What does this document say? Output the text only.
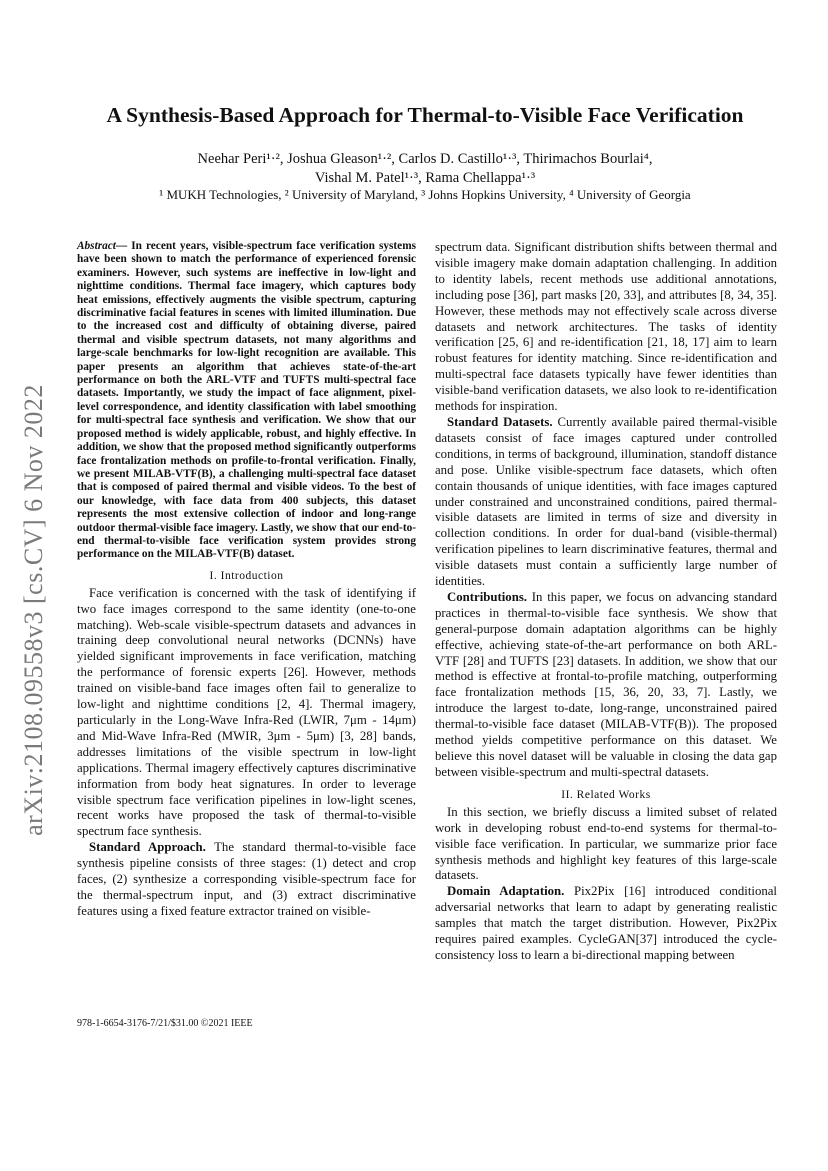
arXiv:2108.09558v3 [cs.CV] 6 Nov 2022
A Synthesis-Based Approach for Thermal-to-Visible Face Verification
Neehar Peri¹·², Joshua Gleason¹·², Carlos D. Castillo¹·³, Thirimachos Bourlai⁴,
Vishal M. Patel¹·³, Rama Chellappa¹·³
¹ MUKH Technologies, ² University of Maryland, ³ Johns Hopkins University, ⁴ University of Georgia

Abstract— In recent years, visible-spectrum face verification systems have been shown to match the performance of experienced forensic examiners. However, such systems are ineffective in low-light and nighttime conditions. Thermal face imagery, which captures body heat emissions, effectively augments the visible spectrum, capturing discriminative facial features in scenes with limited illumination. Due to the increased cost and difficulty of obtaining diverse, paired thermal and visible spectrum datasets, not many algorithms and large-scale benchmarks for low-light recognition are available. This paper presents an algorithm that achieves state-of-the-art performance on both the ARL-VTF and TUFTS multi-spectral face datasets. Importantly, we study the impact of face alignment, pixel-level correspondence, and identity classification with label smoothing for multi-spectral face synthesis and verification. We show that our proposed method is widely applicable, robust, and highly effective. In addition, we show that the proposed method significantly outperforms face frontalization methods on profile-to-frontal verification. Finally, we present MILAB-VTF(B), a challenging multi-spectral face dataset that is composed of paired thermal and visible videos. To the best of our knowledge, with face data from 400 subjects, this dataset represents the most extensive collection of indoor and long-range outdoor thermal-visible face imagery. Lastly, we show that our end-to-end thermal-to-visible face verification system provides strong performance on the MILAB-VTF(B) dataset.

I. Introduction

Face verification is concerned with the task of identifying if two face images correspond to the same identity (one-to-one matching). Web-scale visible-spectrum datasets and advances in training deep convolutional neural networks (DCNNs) have yielded significant improvements in face verification, matching the performance of forensic experts [26]. However, methods trained on visible-band face images often fail to generalize to low-light and nighttime conditions [2, 4]. Thermal imagery, particularly in the Long-Wave Infra-Red (LWIR, 7μm - 14μm) and Mid-Wave Infra-Red (MWIR, 3μm - 5μm) [3, 28] bands, addresses limitations of the visible spectrum in low-light applications. Thermal imagery effectively captures discriminative information from body heat signatures. In order to leverage visible spectrum face verification pipelines in low-light scenes, recent works have proposed the task of thermal-to-visible spectrum face synthesis.

Standard Approach. The standard thermal-to-visible face synthesis pipeline consists of three stages: (1) detect and crop faces, (2) synthesize a corresponding visible-spectrum face for the thermal-spectrum input, and (3) extract discriminative features using a fixed feature extractor trained on visible-

spectrum data. Significant distribution shifts between thermal and visible imagery make domain adaptation challenging. In addition to identity labels, recent methods use additional annotations, including pose [36], part masks [20, 33], and attributes [8, 34, 35]. However, these methods may not effectively scale across diverse datasets and network architectures. The tasks of identity verification [25, 6] and re-identification [21, 18, 17] aim to learn robust features for identity matching. Since re-identification and multi-spectral face datasets typically have fewer identities than visible-band verification datasets, we also look to re-identification methods for inspiration.

Standard Datasets. Currently available paired thermal-visible datasets consist of face images captured under controlled conditions, in terms of background, illumination, standoff distance and pose. Unlike visible-spectrum face datasets, which often contain thousands of unique identities, with face images captured under constrained and unconstrained conditions, paired thermal-visible datasets are limited in terms of size and diversity in collection conditions. In order for dual-band (visible-thermal) verification pipelines to learn discriminative features, thermal and visible datasets must contain a sufficiently large number of identities.

Contributions. In this paper, we focus on advancing standard practices in thermal-to-visible face synthesis. We show that general-purpose domain adaptation algorithms can be highly effective, achieving state-of-the-art performance on both ARL-VTF [28] and TUFTS [23] datasets. In addition, we show that our method is effective at frontal-to-profile matching, outperforming face frontalization methods [15, 36, 20, 33, 7]. Lastly, we introduce the largest to-date, long-range, unconstrained paired thermal-to-visible face dataset (MILAB-VTF(B)). The proposed method yields competitive performance on this dataset. We believe this novel dataset will be valuable in closing the data gap between visible-spectrum and multi-spectral datasets.

II. Related Works

In this section, we briefly discuss a limited subset of related work in developing robust end-to-end systems for thermal-to-visible face verification. In particular, we summarize prior face synthesis methods and highlight key features of this large-scale datasets.

Domain Adaptation. Pix2Pix [16] introduced conditional adversarial networks that learn to adapt by generating realistic samples that match the target distribution. However, Pix2Pix requires paired examples. CycleGAN[37] introduced the cycle-consistency loss to learn a bi-directional mapping between

978-1-6654-3176-7/21/$31.00 ©2021 IEEE
